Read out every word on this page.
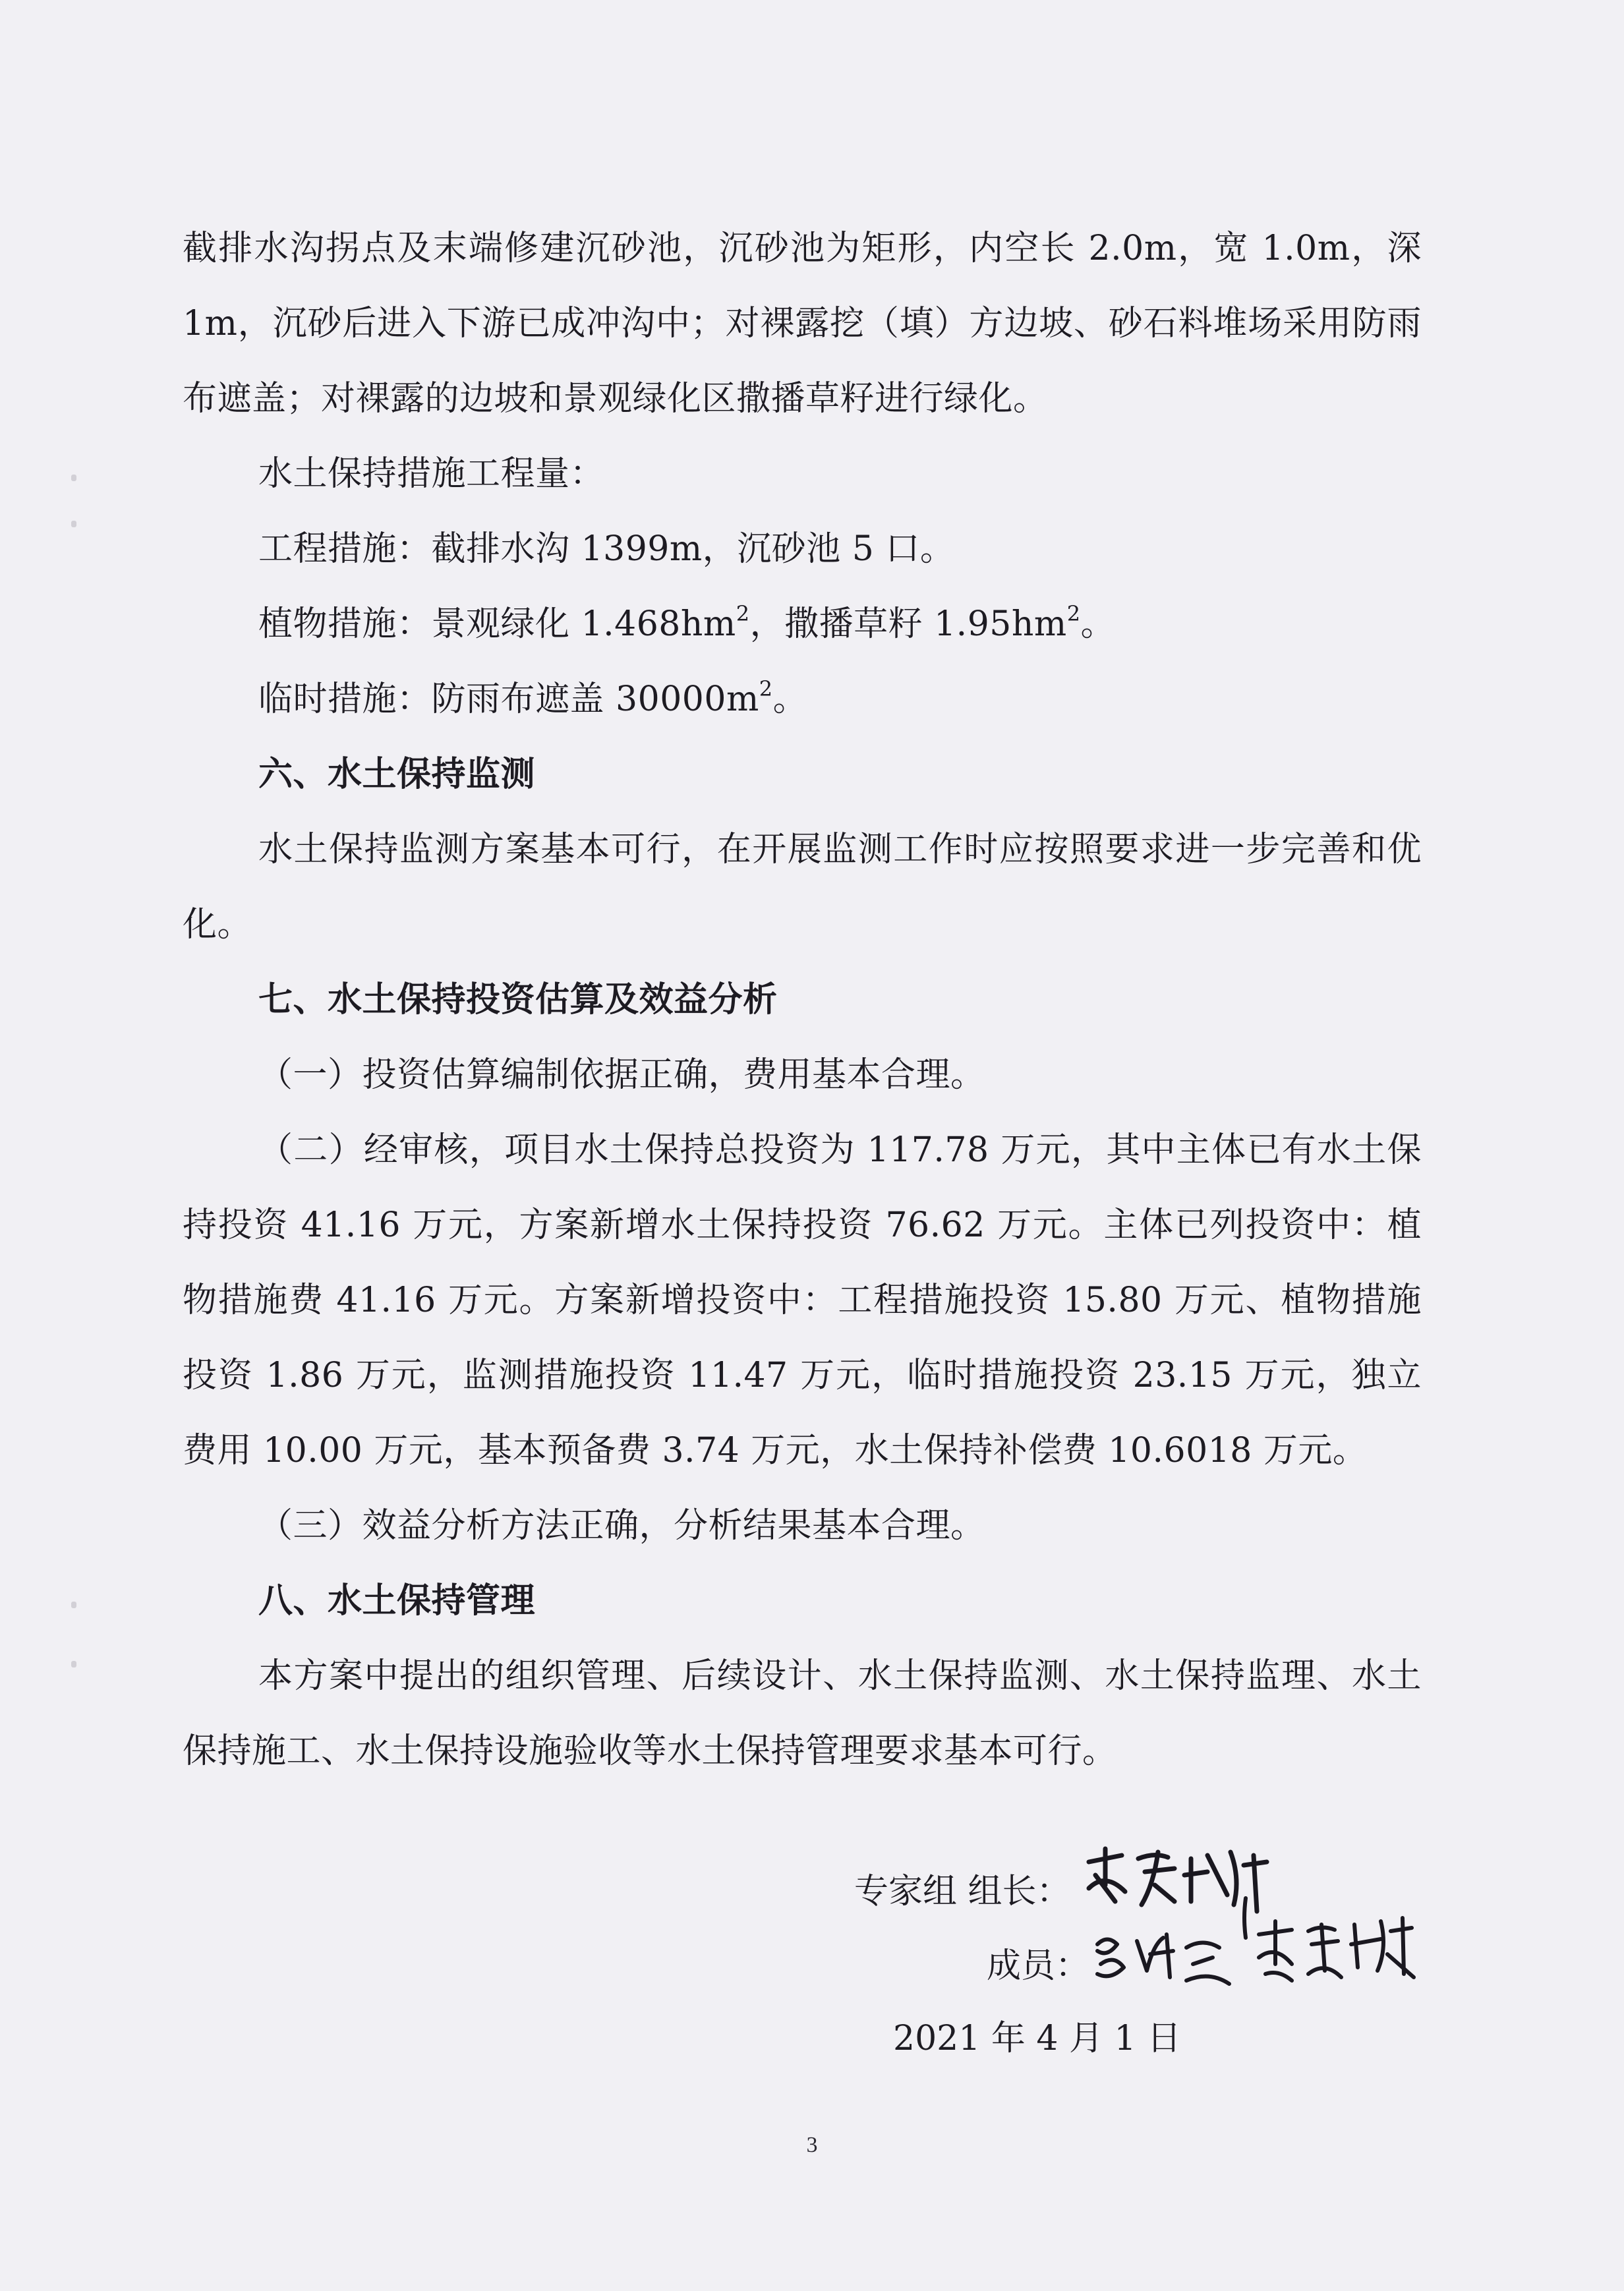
截排水沟拐点及末端修建沉砂池，沉砂池为矩形，内空长 2.0m，宽 1.0m，深 1m，沉砂后进入下游已成冲沟中；对裸露挖（填）方边坡、砂石料堆场采用防雨布遮盖；对裸露的边坡和景观绿化区撒播草籽进行绿化。

水土保持措施工程量：

工程措施：截排水沟 1399m，沉砂池 5 口。

植物措施：景观绿化 $1.468hm^2$，撒播草籽 $1.95hm^2$。

临时措施：防雨布遮盖 $30000m^2$。

六、水土保持监测

水土保持监测方案基本可行，在开展监测工作时应按照要求进一步完善和优化。

七、水土保持投资估算及效益分析

（一）投资估算编制依据正确，费用基本合理。

（二）经审核，项目水土保持总投资为 117.78 万元，其中主体已有水土保持投资 41.16 万元，方案新增水土保持投资 76.62 万元。主体已列投资中：植物措施费 41.16 万元。方案新增投资中：工程措施投资 15.80 万元、植物措施投资 1.86 万元，监测措施投资 11.47 万元，临时措施投资 23.15 万元，独立费用 10.00 万元，基本预备费 3.74 万元，水土保持补偿费 10.6018 万元。

（三）效益分析方法正确，分析结果基本合理。

八、水土保持管理

本方案中提出的组织管理、后续设计、水土保持监测、水土保持监理、水土保持施工、水土保持设施验收等水土保持管理要求基本可行。

专家组 组长：
成员：
2021 年 4 月 1 日
3
